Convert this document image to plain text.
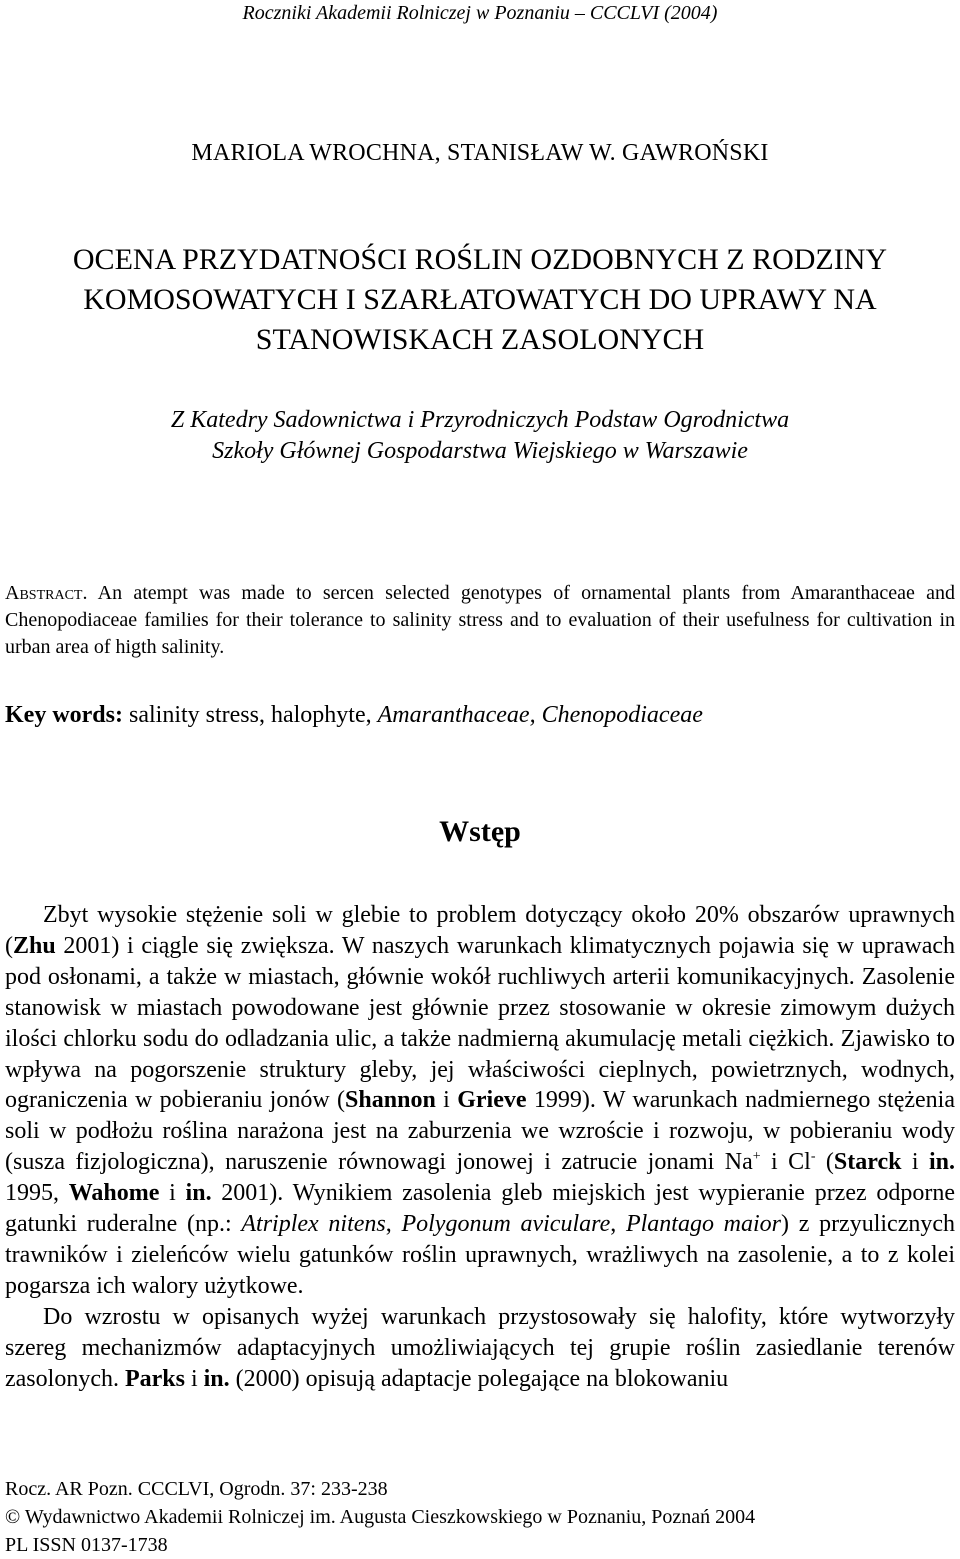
Roczniki Akademii Rolniczej w Poznaniu – CCCLVI (2004)
MARIOLA WROCHNA, STANISŁAW W. GAWROŃSKI
OCENA PRZYDATNOŚCI ROŚLIN OZDOBNYCH Z RODZINY
KOMOSOWATYCH I SZARŁATOWATYCH DO UPRAWY NA
STANOWISKACH ZASOLONYCH
Z Katedry Sadownictwa i Przyrodniczych Podstaw Ogrodnictwa
Szkoły Głównej Gospodarstwa Wiejskiego w Warszawie
Abstract. An atempt was made to sercen selected genotypes of ornamental plants from Amaranthaceae and Chenopodiaceae families for their tolerance to salinity stress and to evaluation of their usefulness for cultivation in urban area of higth salinity.
Key words: salinity stress, halophyte, Amaranthaceae, Chenopodiaceae
Wstęp

Zbyt wysokie stężenie soli w glebie to problem dotyczący około 20% obszarów uprawnych (Zhu 2001) i ciągle się zwiększa. W naszych warunkach klimatycznych pojawia się w uprawach pod osłonami, a także w miastach, głównie wokół ruchliwych arterii komunikacyjnych. Zasolenie stanowisk w miastach powodowane jest głównie przez stosowanie w okresie zimowym dużych ilości chlorku sodu do odladzania ulic, a także nadmierną akumulację metali ciężkich. Zjawisko to wpływa na pogorszenie struktury gleby, jej właściwości cieplnych, powietrznych, wodnych, ograniczenia w pobieraniu jonów (Shannon i Grieve 1999). W warunkach nadmiernego stężenia soli w podłożu roślina narażona jest na zaburzenia we wzroście i rozwoju, w pobieraniu wody (susza fizjologiczna), naruszenie równowagi jonowej i zatrucie jonami Na+ i Cl- (Starck i in. 1995, Wahome i in. 2001). Wynikiem zasolenia gleb miejskich jest wypieranie przez odporne gatunki ruderalne (np.: Atriplex nitens, Polygonum aviculare, Plantago maior) z przyulicznych trawników i zieleńców wielu gatunków roślin uprawnych, wrażliwych na zasolenie, a to z kolei pogarsza ich walory użytkowe.

Do wzrostu w opisanych wyżej warunkach przystosowały się halofity, które wytworzyły szereg mechanizmów adaptacyjnych umożliwiających tej grupie roślin zasiedlanie terenów zasolonych. Parks i in. (2000) opisują adaptacje polegające na blokowaniu

Rocz. AR Pozn. CCCLVI, Ogrodn. 37: 233-238
© Wydawnictwo Akademii Rolniczej im. Augusta Cieszkowskiego w Poznaniu, Poznań 2004
PL ISSN 0137-1738
